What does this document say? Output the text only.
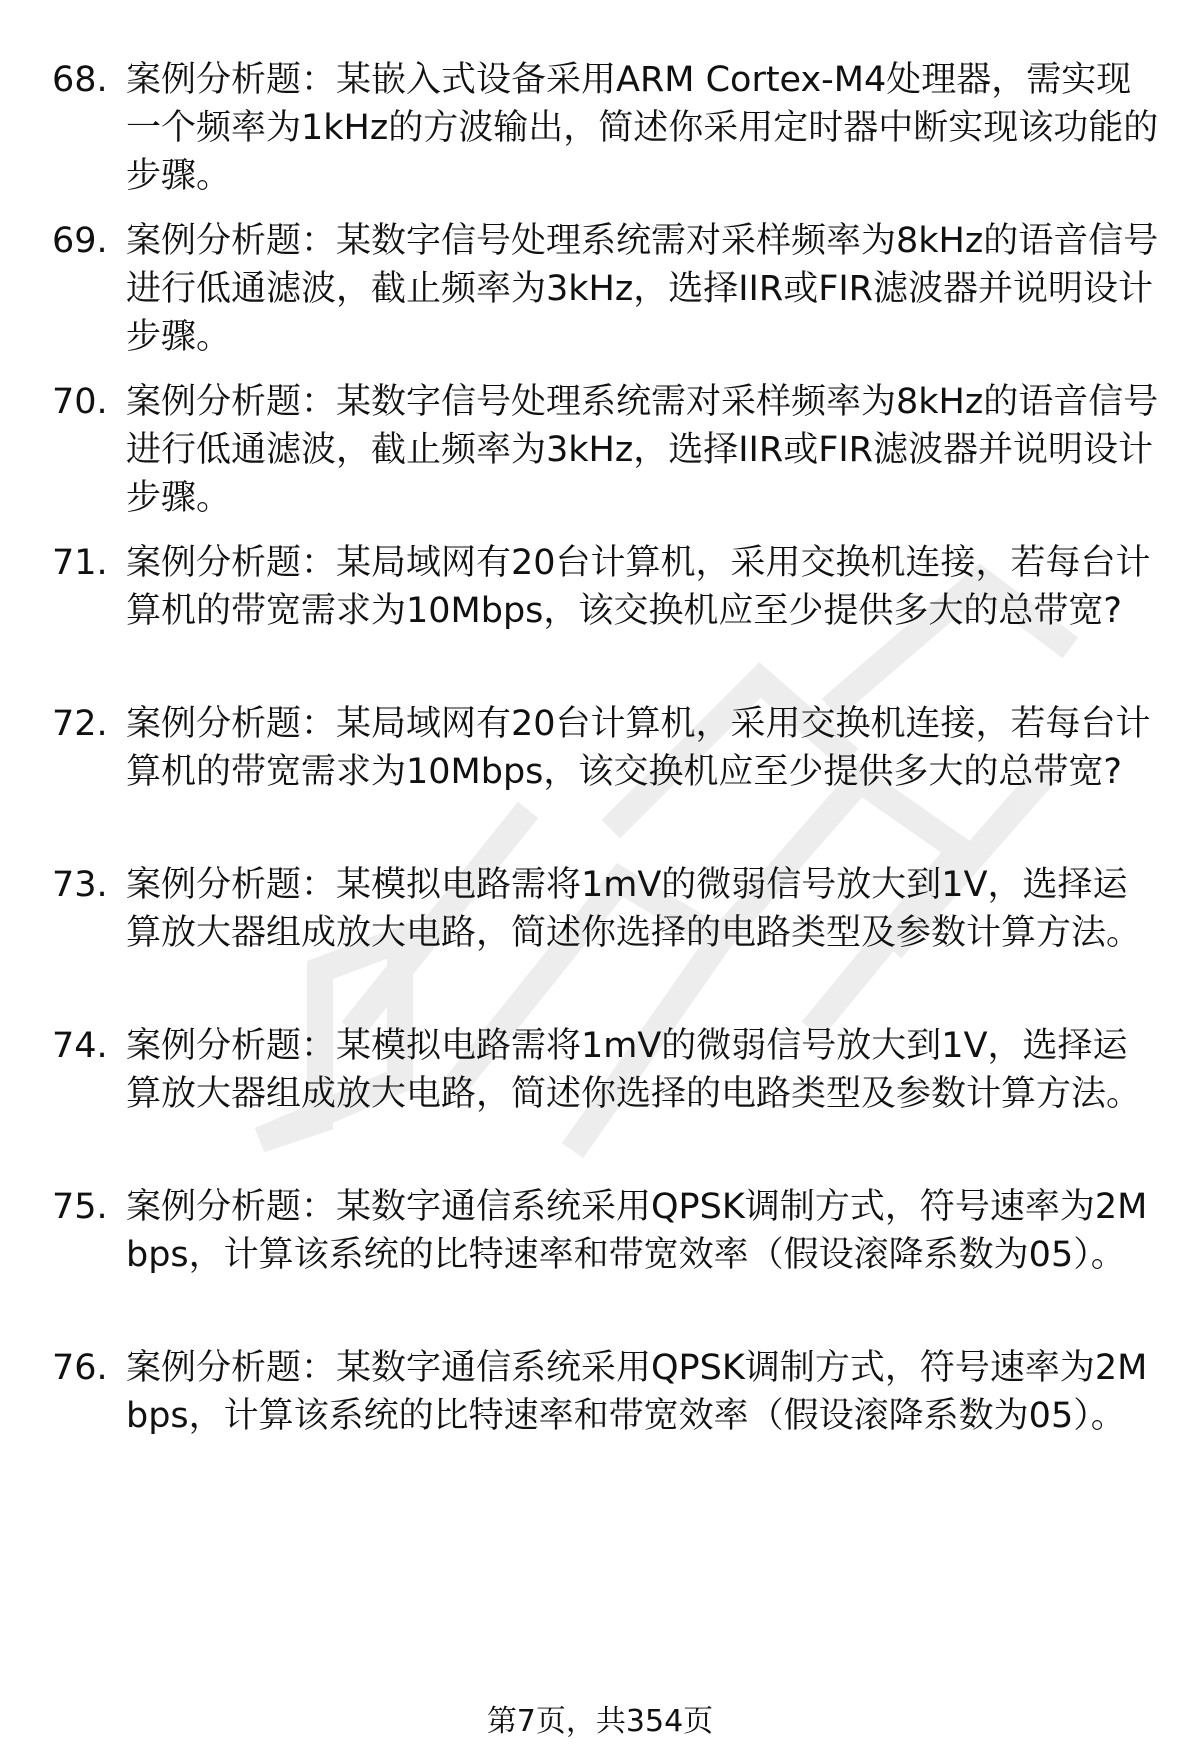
68. 案例分析题：某嵌入式设备采用ARM Cortex-M4处理器，需实现一个频率为1kHz的方波输出，简述你采用定时器中断实现该功能的步骤。
69. 案例分析题：某数字信号处理系统需对采样频率为8kHz的语音信号进行低通滤波，截止频率为3kHz，选择IIR或FIR滤波器并说明设计步骤。
70. 案例分析题：某数字信号处理系统需对采样频率为8kHz的语音信号进行低通滤波，截止频率为3kHz，选择IIR或FIR滤波器并说明设计步骤。
71. 案例分析题：某局域网有20台计算机，采用交换机连接，若每台计算机的带宽需求为10Mbps，该交换机应至少提供多大的总带宽?
72. 案例分析题：某局域网有20台计算机，采用交换机连接，若每台计算机的带宽需求为10Mbps，该交换机应至少提供多大的总带宽?
73. 案例分析题：某模拟电路需将1mV的微弱信号放大到1V，选择运算放大器组成放大电路，简述你选择的电路类型及参数计算方法。
74. 案例分析题：某模拟电路需将1mV的微弱信号放大到1V，选择运算放大器组成放大电路，简述你选择的电路类型及参数计算方法。
75. 案例分析题：某数字通信系统采用QPSK调制方式，符号速率为2Mbps，计算该系统的比特速率和带宽效率（假设滚降系数为05）。
76. 案例分析题：某数字通信系统采用QPSK调制方式，符号速率为2Mbps，计算该系统的比特速率和带宽效率（假设滚降系数为05）。
第7页，共354页
